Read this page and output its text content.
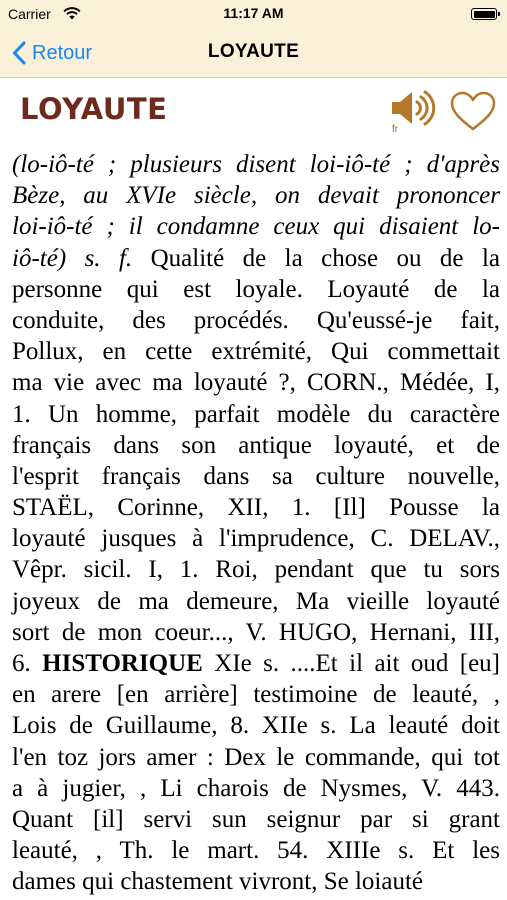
Carrier	11:17 AM
Retour	LOYAUTE
LOYAUTE
fr
(lo-iô-té ; plusieurs disent loi-iô-té ; d'après
Bèze, au XVIe siècle, on devait prononcer
loi-iô-té ; il condamne ceux qui disaient lo-
iô-té) s. f. Qualité de la chose ou de la
personne qui est loyale. Loyauté de la
conduite, des procédés. Qu'eussé-je fait,
Pollux, en cette extrémité, Qui commettait
ma vie avec ma loyauté ?, CORN., Médée, I,
1. Un homme, parfait modèle du caractère
français dans son antique loyauté, et de
l'esprit français dans sa culture nouvelle,
STAËL, Corinne, XII, 1. [Il] Pousse la
loyauté jusques à l'imprudence, C. DELAV.,
Vêpr. sicil. I, 1. Roi, pendant que tu sors
joyeux de ma demeure, Ma vieille loyauté
sort de mon coeur..., V. HUGO, Hernani, III,
6. HISTORIQUE XIe s. ....Et il ait oud [eu]
en arere [en arrière] testimoine de leauté, ,
Lois de Guillaume, 8. XIIe s. La leauté doit
l'en toz jors amer : Dex le commande, qui tot
a à jugier, , Li charois de Nysmes, V. 443.
Quant [il] servi sun seignur par si grant
leauté, , Th. le mart. 54. XIIIe s. Et les
dames qui chastement vivront, Se loiauté
